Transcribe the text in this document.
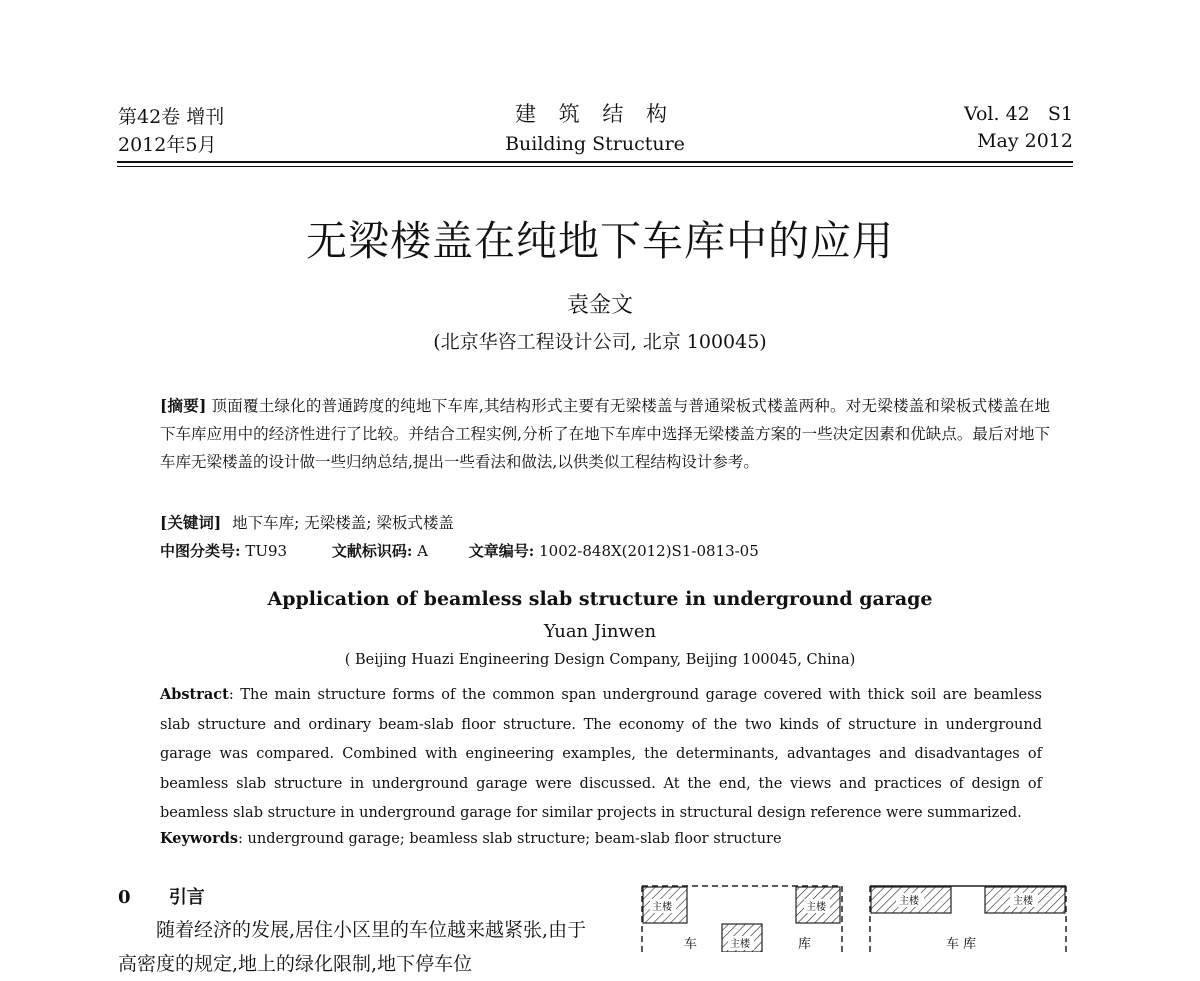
第42卷 增刊
2012年5月
建 筑 结 构
Building Structure
Vol. 42   S1
May 2012
无梁楼盖在纯地下车库中的应用
袁金文
(北京华咨工程设计公司, 北京 100045)
[摘要] 顶面覆土绿化的普通跨度的纯地下车库,其结构形式主要有无梁楼盖与普通梁板式楼盖两种。对无梁楼盖和梁板式楼盖在地下车库应用中的经济性进行了比较。并结合工程实例,分析了在地下车库中选择无梁楼盖方案的一些决定因素和优缺点。最后对地下车库无梁楼盖的设计做一些归纳总结,提出一些看法和做法,以供类似工程结构设计参考。
[关键词] 地下车库; 无梁楼盖; 梁板式楼盖
中图分类号: TU93	文献标识码: A	文章编号: 1002-848X(2012)S1-0813-05
Application of beamless slab structure in underground garage
Yuan Jinwen
( Beijing Huazi Engineering Design Company, Beijing 100045, China)
Abstract: The main structure forms of the common span underground garage covered with thick soil are beamless slab structure and ordinary beam-slab floor structure. The economy of the two kinds of structure in underground garage was compared. Combined with engineering examples, the determinants, advantages and disadvantages of beamless slab structure in underground garage were discussed. At the end, the views and practices of design of beamless slab structure in underground garage for similar projects in structural design reference were summarized.
Keywords: underground garage; beamless slab structure; beam-slab floor structure
0 引言
随着经济的发展,居住小区里的车位越来越紧张,由于高密度的规定,地上的绿化限制,地下停车位
主楼	主楼
主楼
车	库
主楼	主楼
车 库
